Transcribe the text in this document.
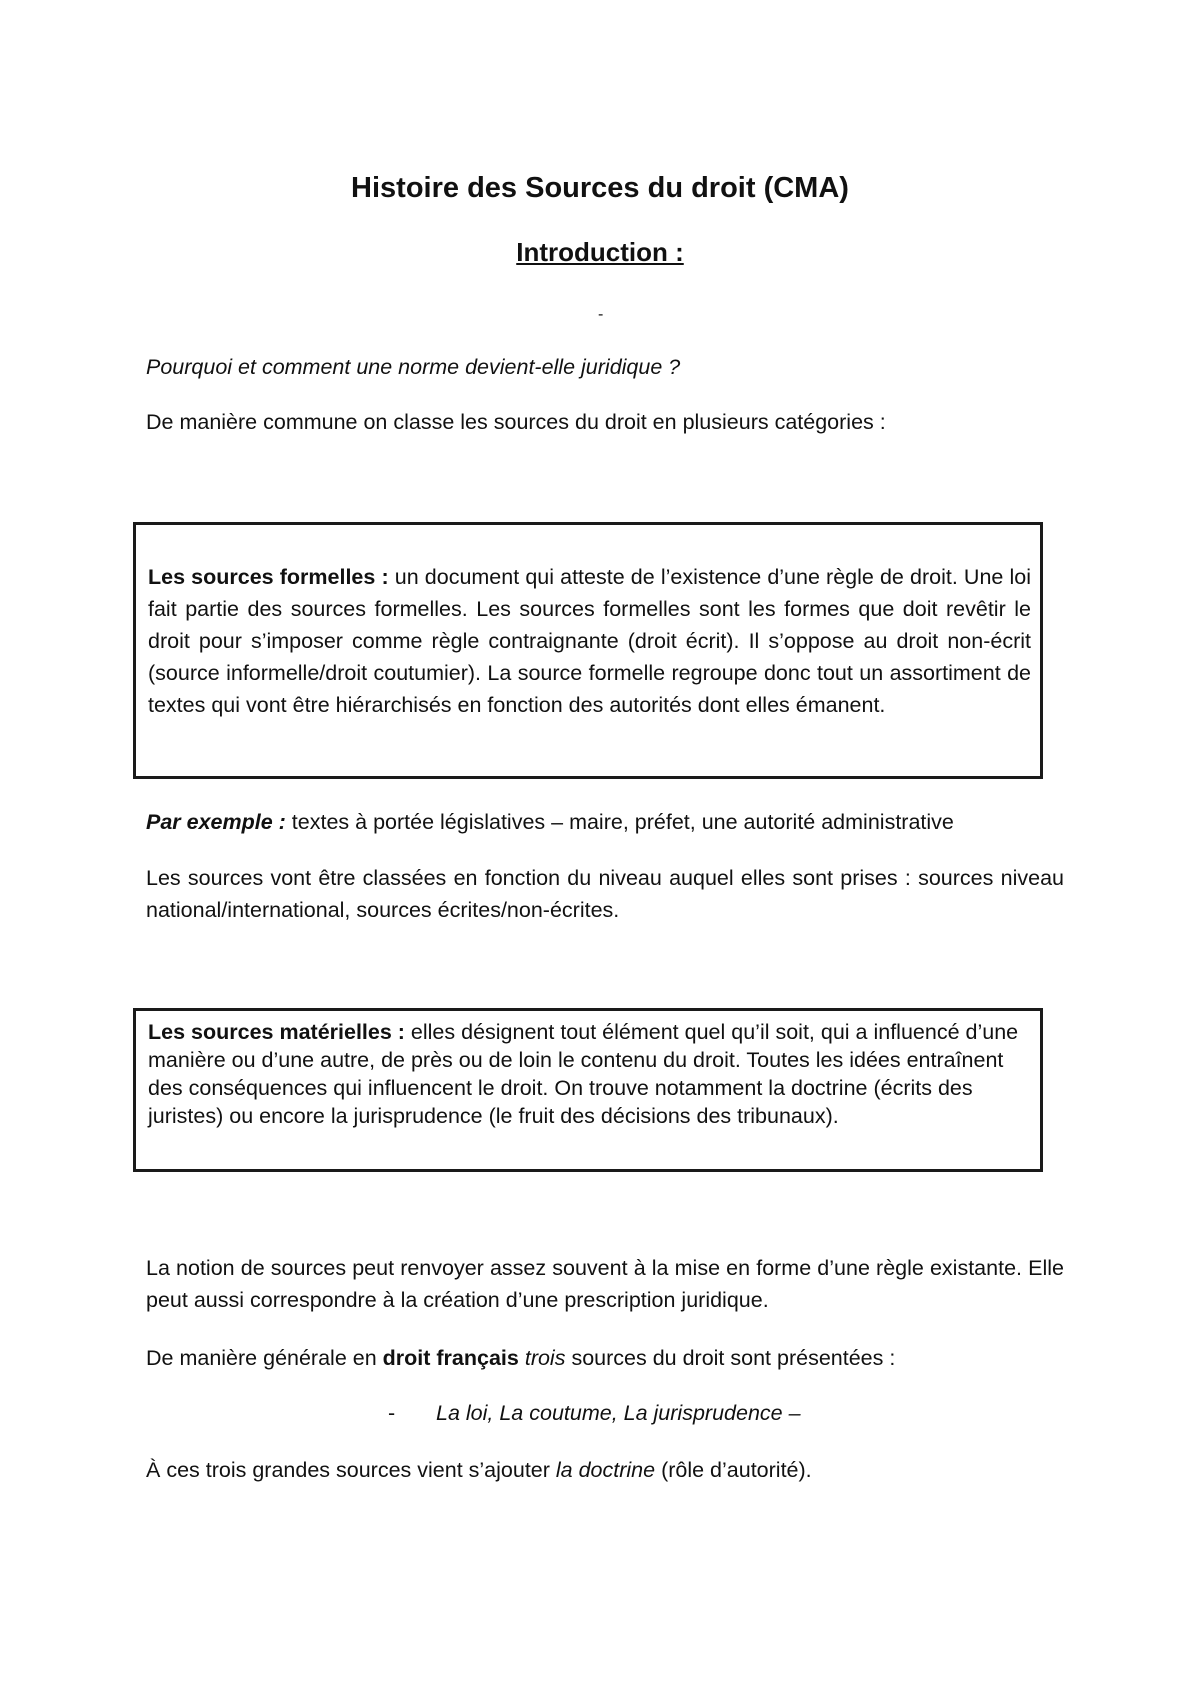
Histoire des Sources du droit (CMA)
Introduction :
-
Pourquoi et comment une norme devient-elle juridique ?
De manière commune on classe les sources du droit en plusieurs catégories :
Les sources formelles : un document qui atteste de l’existence d’une règle de droit. Une loi fait partie des sources formelles. Les sources formelles sont les formes que doit revêtir le droit pour s’imposer comme règle contraignante (droit écrit). Il s’oppose au droit non-écrit (source informelle/droit coutumier). La source formelle regroupe donc tout un assortiment de textes qui vont être hiérarchisés en fonction des autorités dont elles émanent.
Par exemple : textes à portée législatives – maire, préfet, une autorité administrative
Les sources vont être classées en fonction du niveau auquel elles sont prises : sources niveau national/international, sources écrites/non-écrites.
Les sources matérielles : elles désignent tout élément quel qu’il soit, qui a influencé d’une manière ou d’une autre, de près ou de loin le contenu du droit. Toutes les idées entraînent des conséquences qui influencent le droit. On trouve notamment la doctrine (écrits des juristes) ou encore la jurisprudence (le fruit des décisions des tribunaux).
La notion de sources peut renvoyer assez souvent à la mise en forme d’une règle existante. Elle peut aussi correspondre à la création d’une prescription juridique.
De manière générale en droit français trois sources du droit sont présentées :
- La loi, La coutume, La jurisprudence –
À ces trois grandes sources vient s’ajouter la doctrine (rôle d’autorité).
